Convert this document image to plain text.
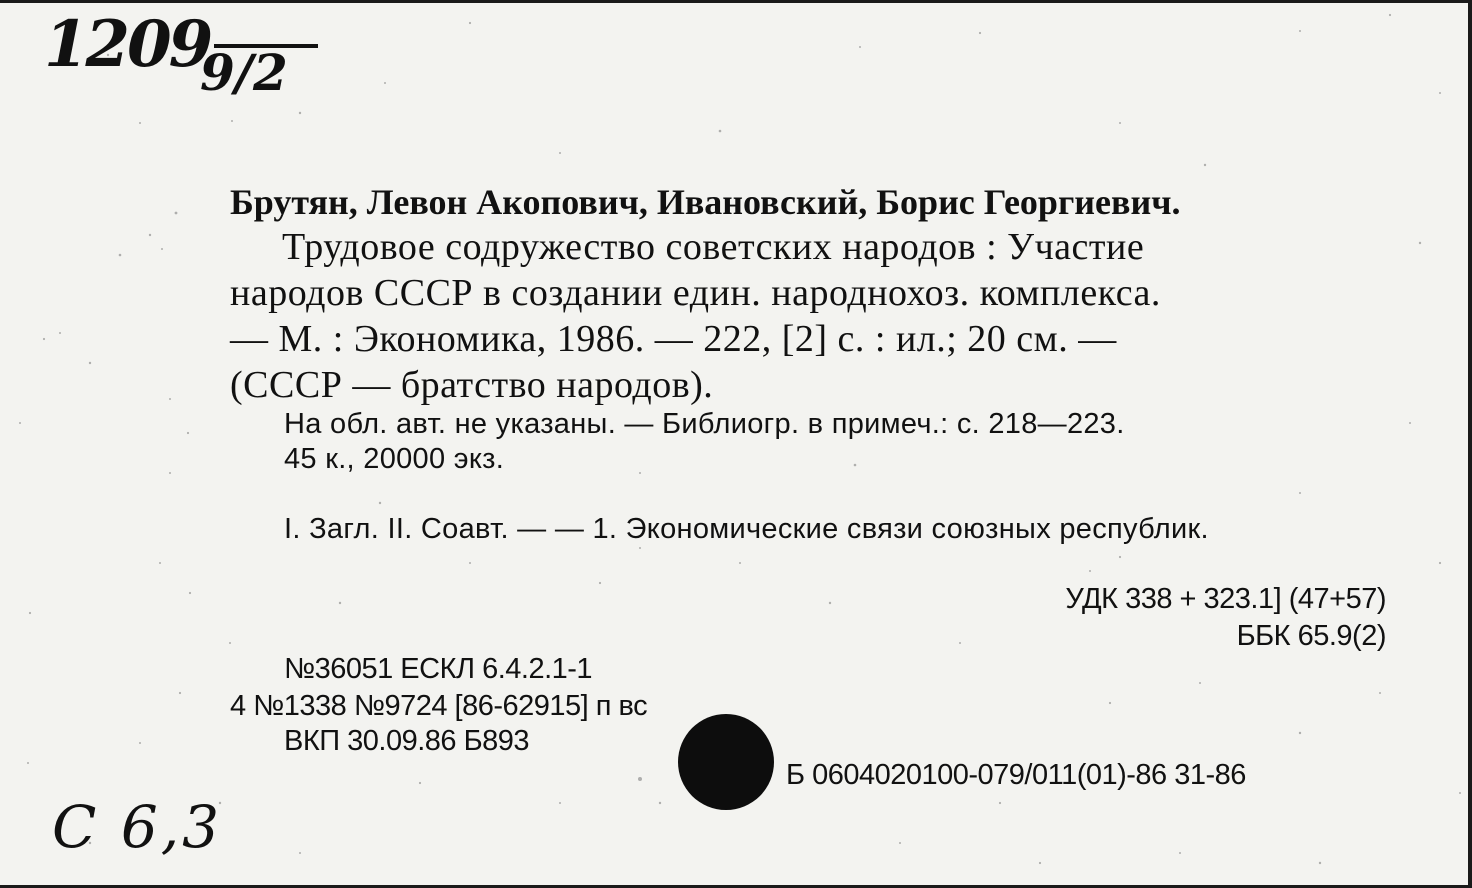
1209
9/2
C 6,3
Брутян, Левон Акопович, Ивановский, Борис Георгиевич.
Трудовое содружество советских народов : Участие
народов СССР в создании един. народнохоз. комплекса.
— М. : Экономика, 1986. — 222, [2] с. : ил.; 20 см. —
(СССР — братство народов).
На обл. авт. не указаны. — Библиогр. в примеч.: с. 218—223.
45 к., 20000 экз.
I. Загл. II. Соавт. — — 1. Экономические связи союзных республик.
УДК 338 + 323.1] (47+57)
ББК 65.9(2)
№36051 ЕСКЛ 6.4.2.1-1
4 №1338 №9724 [86-62915] п вс
ВКП 30.09.86 Б893
Б 0604020100-079/011(01)-86 31-86
